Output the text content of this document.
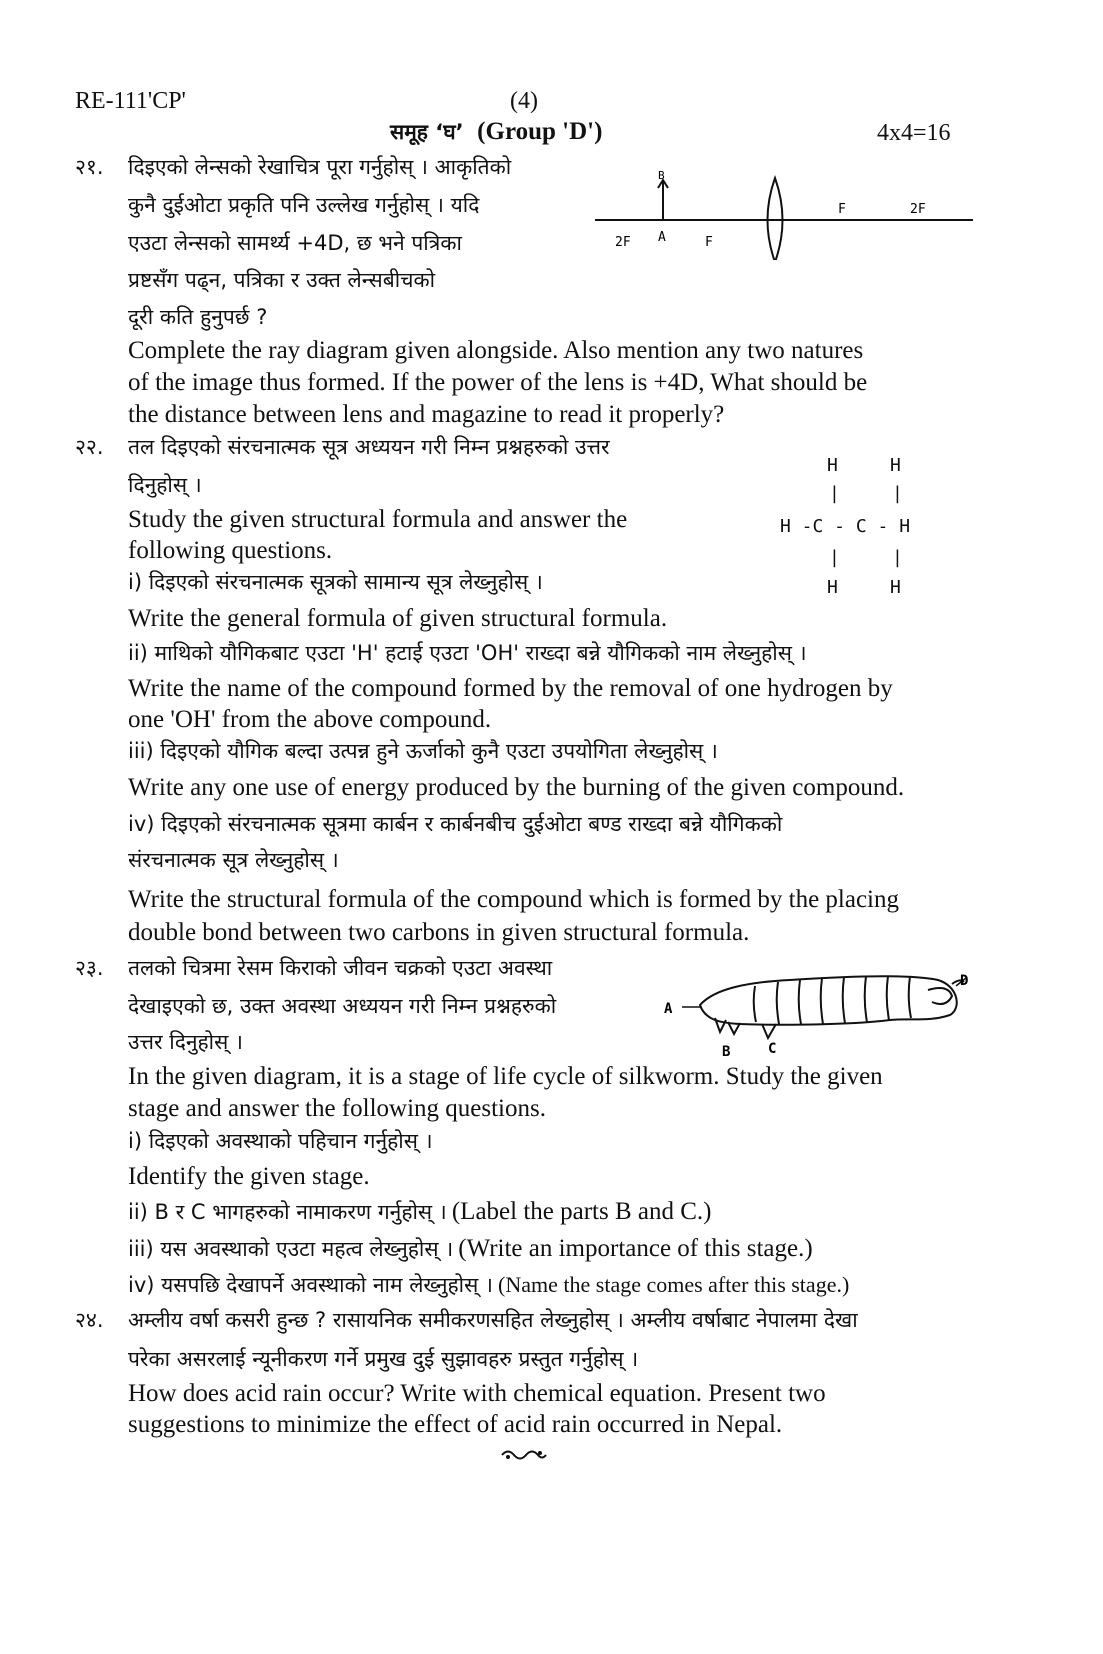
RE-111'CP'	(4)
समूह ‘घ’ (Group 'D')	4x4=16
२१. दिइएको लेन्सको रेखाचित्र पूरा गर्नुहोस् । आकृतिको
कुनै दुईओटा प्रकृति पनि उल्लेख गर्नुहोस् । यदि
एउटा लेन्सको सामर्थ्य +4D, छ भने पत्रिका
प्रष्टसँग पढ्न, पत्रिका र उक्त लेन्सबीचको
दूरी कति हुनुपर्छ ?
Complete the ray diagram given alongside. Also mention any two natures
of the image thus formed. If the power of the lens is +4D, What should be
the distance between lens and magazine to read it properly?
B
A
2F	F
F	2F
२२. तल दिइएको संरचनात्मक सूत्र अध्ययन गरी निम्न प्रश्नहरुको उत्तर
दिनुहोस् ।
Study the given structural formula and answer the
following questions.
i) दिइएको संरचनात्मक सूत्रको सामान्य सूत्र लेख्नुहोस् ।
Write the general formula of given structural formula.
ii) माथिको यौगिकबाट एउटा 'H' हटाई एउटा 'OH' राख्दा बन्ने यौगिकको नाम लेख्नुहोस् ।
Write the name of the compound formed by the removal of one hydrogen by
one 'OH' from the above compound.
iii) दिइएको यौगिक बल्दा उत्पन्न हुने ऊर्जाको कुनै एउटा उपयोगिता लेख्नुहोस् ।
Write any one use of energy produced by the burning of the given compound.
iv) दिइएको संरचनात्मक सूत्रमा कार्बन र कार्बनबीच दुईओटा बण्ड राख्दा बन्ने यौगिकको
संरचनात्मक सूत्र लेख्नुहोस् ।
Write the structural formula of the compound which is formed by the placing
double bond between two carbons in given structural formula.
H	H
|	|
H -C - C - H
|	|
H	H
२३. तलको चित्रमा रेसम किराको जीवन चक्रको एउटा अवस्था
देखाइएको छ, उक्त अवस्था अध्ययन गरी निम्न प्रश्नहरुको
उत्तर दिनुहोस् ।
In the given diagram, it is a stage of life cycle of silkworm. Study the given
stage and answer the following questions.
i) दिइएको अवस्थाको पहिचान गर्नुहोस् ।
Identify the given stage.
ii) B र C भागहरुको नामाकरण गर्नुहोस् । (Label the parts B and C.)
iii) यस अवस्थाको एउटा महत्व लेख्नुहोस् । (Write an importance of this stage.)
iv) यसपछि देखापर्ने अवस्थाको नाम लेख्नुहोस् । (Name the stage comes after this stage.)
A
B	C
D
२४. अम्लीय वर्षा कसरी हुन्छ ? रासायनिक समीकरणसहित लेख्नुहोस् । अम्लीय वर्षाबाट नेपालमा देखा
परेका असरलाई न्यूनीकरण गर्ने प्रमुख दुई सुझावहरु प्रस्तुत गर्नुहोस् ।
How does acid rain occur? Write with chemical equation. Present two
suggestions to minimize the effect of acid rain occurred in Nepal.
